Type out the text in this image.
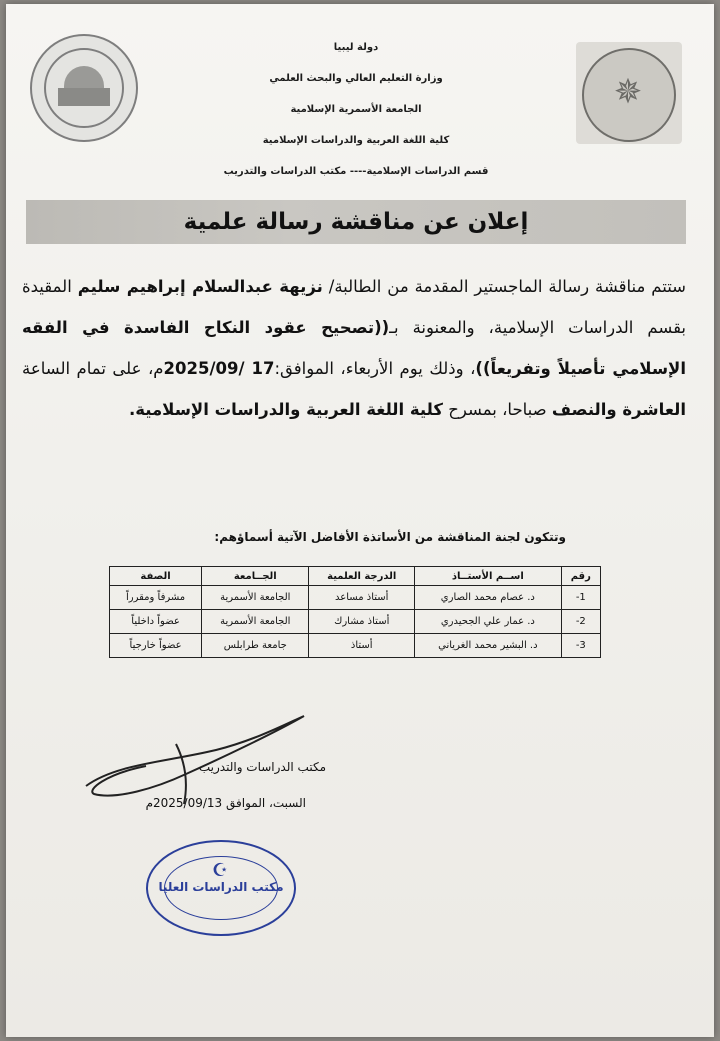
✵
دولة ليبيا
وزارة التعليم العالي والبحث العلمي
الجامعة الأسمرية الإسلامية
كلية اللغة العربية والدراسات الإسلامية
قسم الدراسات الإسلامية---- مكتب الدراسات والتدريب
إعلان عن مناقشة رسالة علمية
ستتم مناقشة رسالة الماجستير المقدمة من الطالبة/ نزيهة عبدالسلام إبراهيم سليم المقيدة بقسم الدراسات الإسلامية، والمعنونة بـ((تصحيح عقود النكاح الفاسدة في الفقه الإسلامي تأصيلاً وتفريعاً))، وذلك يوم الأربعاء، الموافق:17 /2025/09م، على تمام الساعة العاشرة والنصف صباحا، بمسرح كلية اللغة العربية والدراسات الإسلامية.
وتتكون لجنة المناقشة من الأساتذة الأفاضل الآتية أسماؤهم:
رقم	اســم الأستــاذ	الدرجة العلمية	الجــامعة	الصفة
1-	د. عصام محمد الصاري	أستاذ مساعد	الجامعة الأسمرية	مشرفاً ومقرراً
2-	د. عمار علي الجحيدري	أستاذ مشارك	الجامعة الأسمرية	عضواً داخلياً
3-	د. البشير محمد الغرياني	أستاذ	جامعة طرابلس	عضواً خارجياً
مكتب الدراسات والتدريب
السبت، الموافق 2025/09/13م
☪
مكتب الدراسات العليا
